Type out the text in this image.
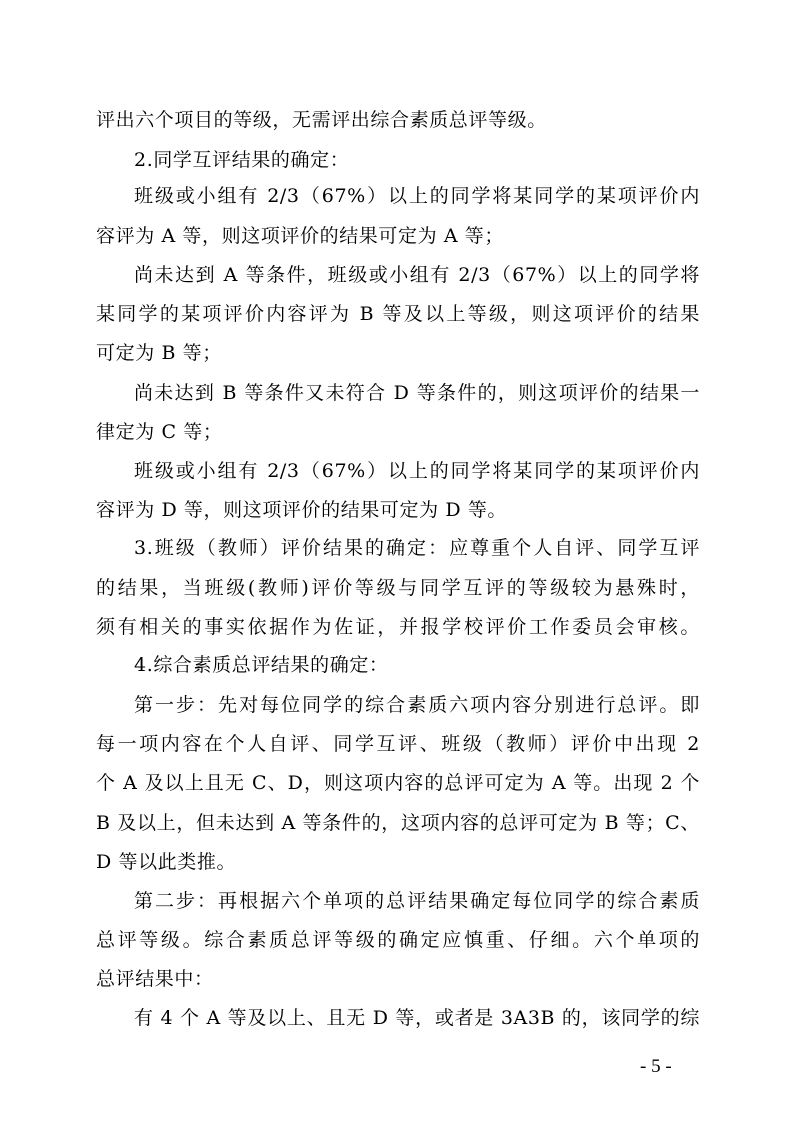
评出六个项目的等级，无需评出综合素质总评等级。
2.同学互评结果的确定：
班级或小组有 2/3（67%）以上的同学将某同学的某项评价内
容评为 A 等，则这项评价的结果可定为 A 等；
尚未达到 A 等条件，班级或小组有 2/3（67%）以上的同学将
某同学的某项评价内容评为 B 等及以上等级，则这项评价的结果
可定为 B 等；
尚未达到 B 等条件又未符合 D 等条件的，则这项评价的结果一
律定为 C 等；
班级或小组有 2/3（67%）以上的同学将某同学的某项评价内
容评为 D 等，则这项评价的结果可定为 D 等。
3.班级（教师）评价结果的确定：应尊重个人自评、同学互评
的结果，当班级(教师)评价等级与同学互评的等级较为悬殊时，
须有相关的事实依据作为佐证，并报学校评价工作委员会审核。
4.综合素质总评结果的确定：
第一步：先对每位同学的综合素质六项内容分别进行总评。即
每一项内容在个人自评、同学互评、班级（教师）评价中出现 2
个 A 及以上且无 C、D，则这项内容的总评可定为 A 等。出现 2 个
B 及以上，但未达到 A 等条件的，这项内容的总评可定为 B 等；C、
D 等以此类推。
第二步：再根据六个单项的总评结果确定每位同学的综合素质
总评等级。综合素质总评等级的确定应慎重、仔细。六个单项的
总评结果中：
有 4 个 A 等及以上、且无 D 等，或者是 3A3B 的，该同学的综
- 5 -
